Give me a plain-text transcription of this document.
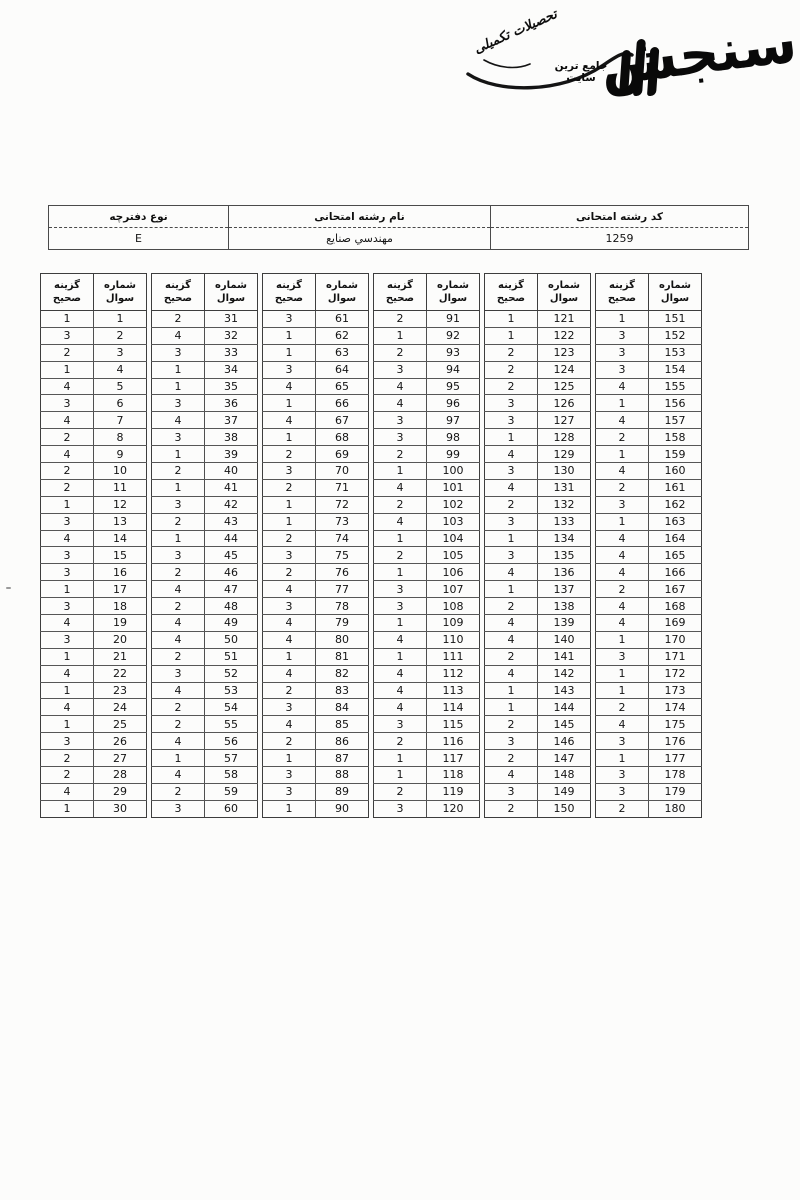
تحصیلات تکمیلی
جامع ترین سایت سنجش
کد رشته امتحانی	نام رشته امتحانی	نوع دفترچه
1259	مهندسي صنايع	E
شماره سوال	گزینه صحیح
1	1
2	3
3	2
4	1
5	4
6	3
7	4
8	2
9	4
10	2
11	2
12	1
13	3
14	4
15	3
16	3
17	1
18	3
19	4
20	3
21	1
22	4
23	1
24	4
25	1
26	3
27	2
28	2
29	4
30	1
شماره سوال	گزینه صحیح
31	2
32	4
33	3
34	1
35	1
36	3
37	4
38	3
39	1
40	2
41	1
42	3
43	2
44	1
45	3
46	2
47	4
48	2
49	4
50	4
51	2
52	3
53	4
54	2
55	2
56	4
57	1
58	4
59	2
60	3
شماره سوال	گزینه صحیح
61	3
62	1
63	1
64	3
65	4
66	1
67	4
68	1
69	2
70	3
71	2
72	1
73	1
74	2
75	3
76	2
77	4
78	3
79	4
80	4
81	1
82	4
83	2
84	3
85	4
86	2
87	1
88	3
89	3
90	1
شماره سوال	گزینه صحیح
91	2
92	1
93	2
94	3
95	4
96	4
97	3
98	3
99	2
100	1
101	4
102	2
103	4
104	1
105	2
106	1
107	3
108	3
109	1
110	4
111	1
112	4
113	4
114	4
115	3
116	2
117	1
118	1
119	2
120	3
شماره سوال	گزینه صحیح
121	1
122	1
123	2
124	2
125	2
126	3
127	3
128	1
129	4
130	3
131	4
132	2
133	3
134	1
135	3
136	4
137	1
138	2
139	4
140	4
141	2
142	4
143	1
144	1
145	2
146	3
147	2
148	4
149	3
150	2
شماره سوال	گزینه صحیح
151	1
152	3
153	3
154	3
155	4
156	1
157	4
158	2
159	1
160	4
161	2
162	3
163	1
164	4
165	4
166	4
167	2
168	4
169	4
170	1
171	3
172	1
173	1
174	2
175	4
176	3
177	1
178	3
179	3
180	2
